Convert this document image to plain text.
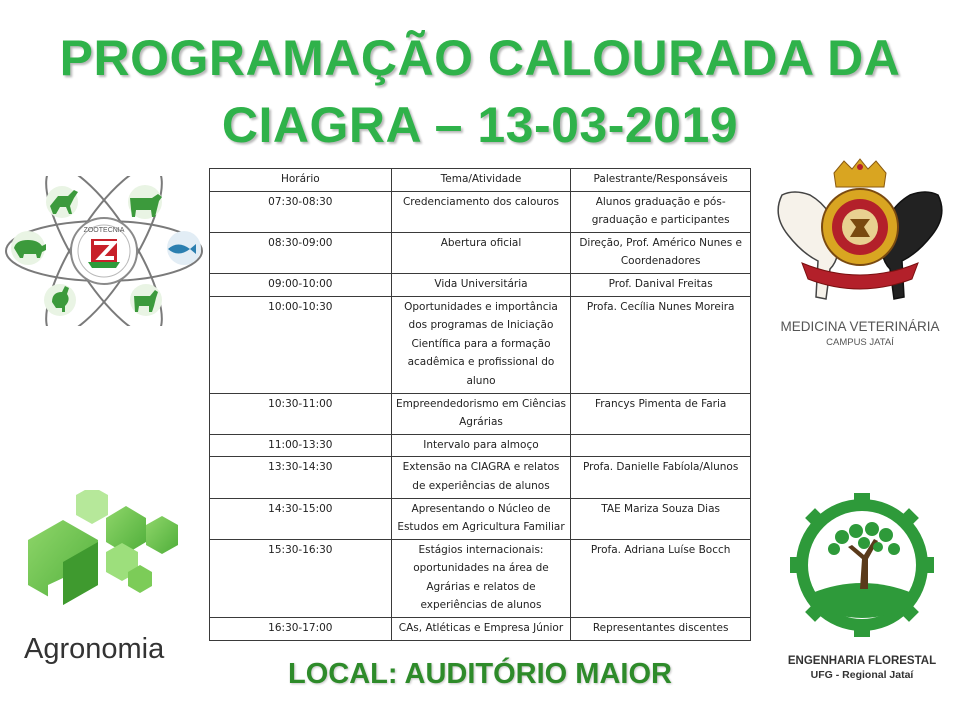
PROGRAMAÇÃO CALOURADA DA
CIAGRA – 13-03-2019
ZOOTECNIA
MEDICINA VETERINÁRIA
CAMPUS JATAÍ
Horário	Tema/Atividade	Palestrante/Responsáveis
07:30-08:30	Credenciamento dos calouros	Alunos graduação e pós-graduação e participantes
08:30-09:00	Abertura oficial	Direção, Prof. Américo Nunes e Coordenadores
09:00-10:00	Vida Universitária	Prof. Danival Freitas
10:00-10:30	Oportunidades e importância dos programas de Iniciação Científica para a formação acadêmica e profissional do aluno	Profa. Cecília Nunes Moreira
10:30-11:00	Empreendedorismo em Ciências Agrárias	Francys Pimenta de Faria
11:00-13:30	Intervalo para almoço	
13:30-14:30	Extensão na CIAGRA e relatos de experiências de alunos	Profa. Danielle Fabíola/Alunos
14:30-15:00	Apresentando o Núcleo de Estudos em Agricultura Familiar	TAE Mariza Souza Dias
15:30-16:30	Estágios internacionais: oportunidades na área de Agrárias e relatos de experiências de alunos	Profa. Adriana Luíse Bocch
16:30-17:00	CAs, Atléticas e Empresa Júnior	Representantes discentes
Agronomia	ENGENHARIA FLORESTAL
UFG - Regional Jataí
LOCAL: AUDITÓRIO MAIOR
